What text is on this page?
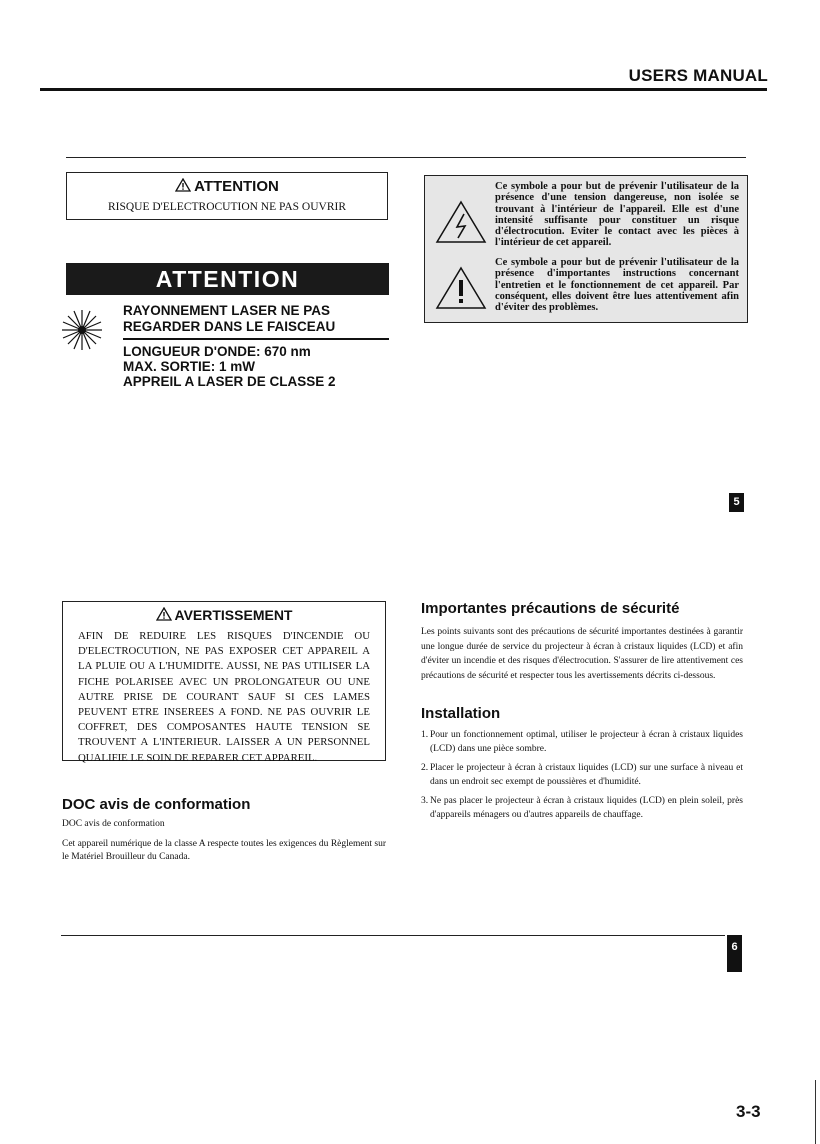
USERS MANUAL
ATTENTION
RISQUE D'ELECTROCUTION NE PAS OUVRIR
ATTENTION
RAYONNEMENT LASER NE PAS
REGARDER DANS LE FAISCEAU
LONGUEUR D'ONDE: 670 nm
MAX. SORTIE: 1 mW
APPREIL A LASER DE CLASSE 2
Ce symbole a pour but de prévenir l'utilisateur de la présence d'une tension dangereuse, non isolée se trouvant à l'intérieur de l'appareil. Elle est d'une intensité suffisante pour constituer un risque d'électrocution. Eviter le contact avec les pièces à l'intérieur de cet appareil.
Ce symbole a pour but de prévenir l'utilisateur de la présence d'importantes instructions concernant l'entretien et le fonctionnement de cet appareil. Par conséquent, elles doivent être lues attentivement afin d'éviter des problèmes.
5
AVERTISSEMENT
AFIN DE REDUIRE LES RISQUES D'INCENDIE OU D'ELECTROCUTION, NE PAS EXPOSER CET APPAREIL A LA PLUIE OU A L'HUMIDITE. AUSSI, NE PAS UTILISER LA FICHE POLARISEE AVEC UN PROLONGATEUR OU UNE AUTRE PRISE DE COURANT SAUF SI CES LAMES PEUVENT ETRE INSEREES A FOND. NE PAS OUVRIR LE COFFRET, DES COMPOSANTES HAUTE TENSION SE TROUVENT A L'INTERIEUR. LAISSER A UN PERSONNEL QUALIFIE LE SOIN DE REPARER CET APPAREIL.
DOC avis de conformation
DOC avis de conformation
Cet appareil numérique de la classe A respecte toutes les exigences du Règlement sur le Matériel Brouilleur du Canada.
Importantes précautions de sécurité
Les points suivants sont des précautions de sécurité importantes destinées à garantir une longue durée de service du projecteur à écran à cristaux liquides (LCD) et afin d'éviter un incendie et des risques d'électrocution. S'assurer de lire attentivement ces précautions de sécurité et respecter tous les avertissements décrits ci-dessous.
Installation
1. Pour un fonctionnement optimal, utiliser le projecteur à écran à cristaux liquides (LCD) dans une pièce sombre.
2. Placer le projecteur à écran à cristaux liquides (LCD) sur une surface à niveau et dans un endroit sec exempt de poussières et d'humidité.
3. Ne pas placer le projecteur à écran à cristaux liquides (LCD) en plein soleil, près d'appareils ménagers ou d'autres appareils de chauffage.
6
3-3
